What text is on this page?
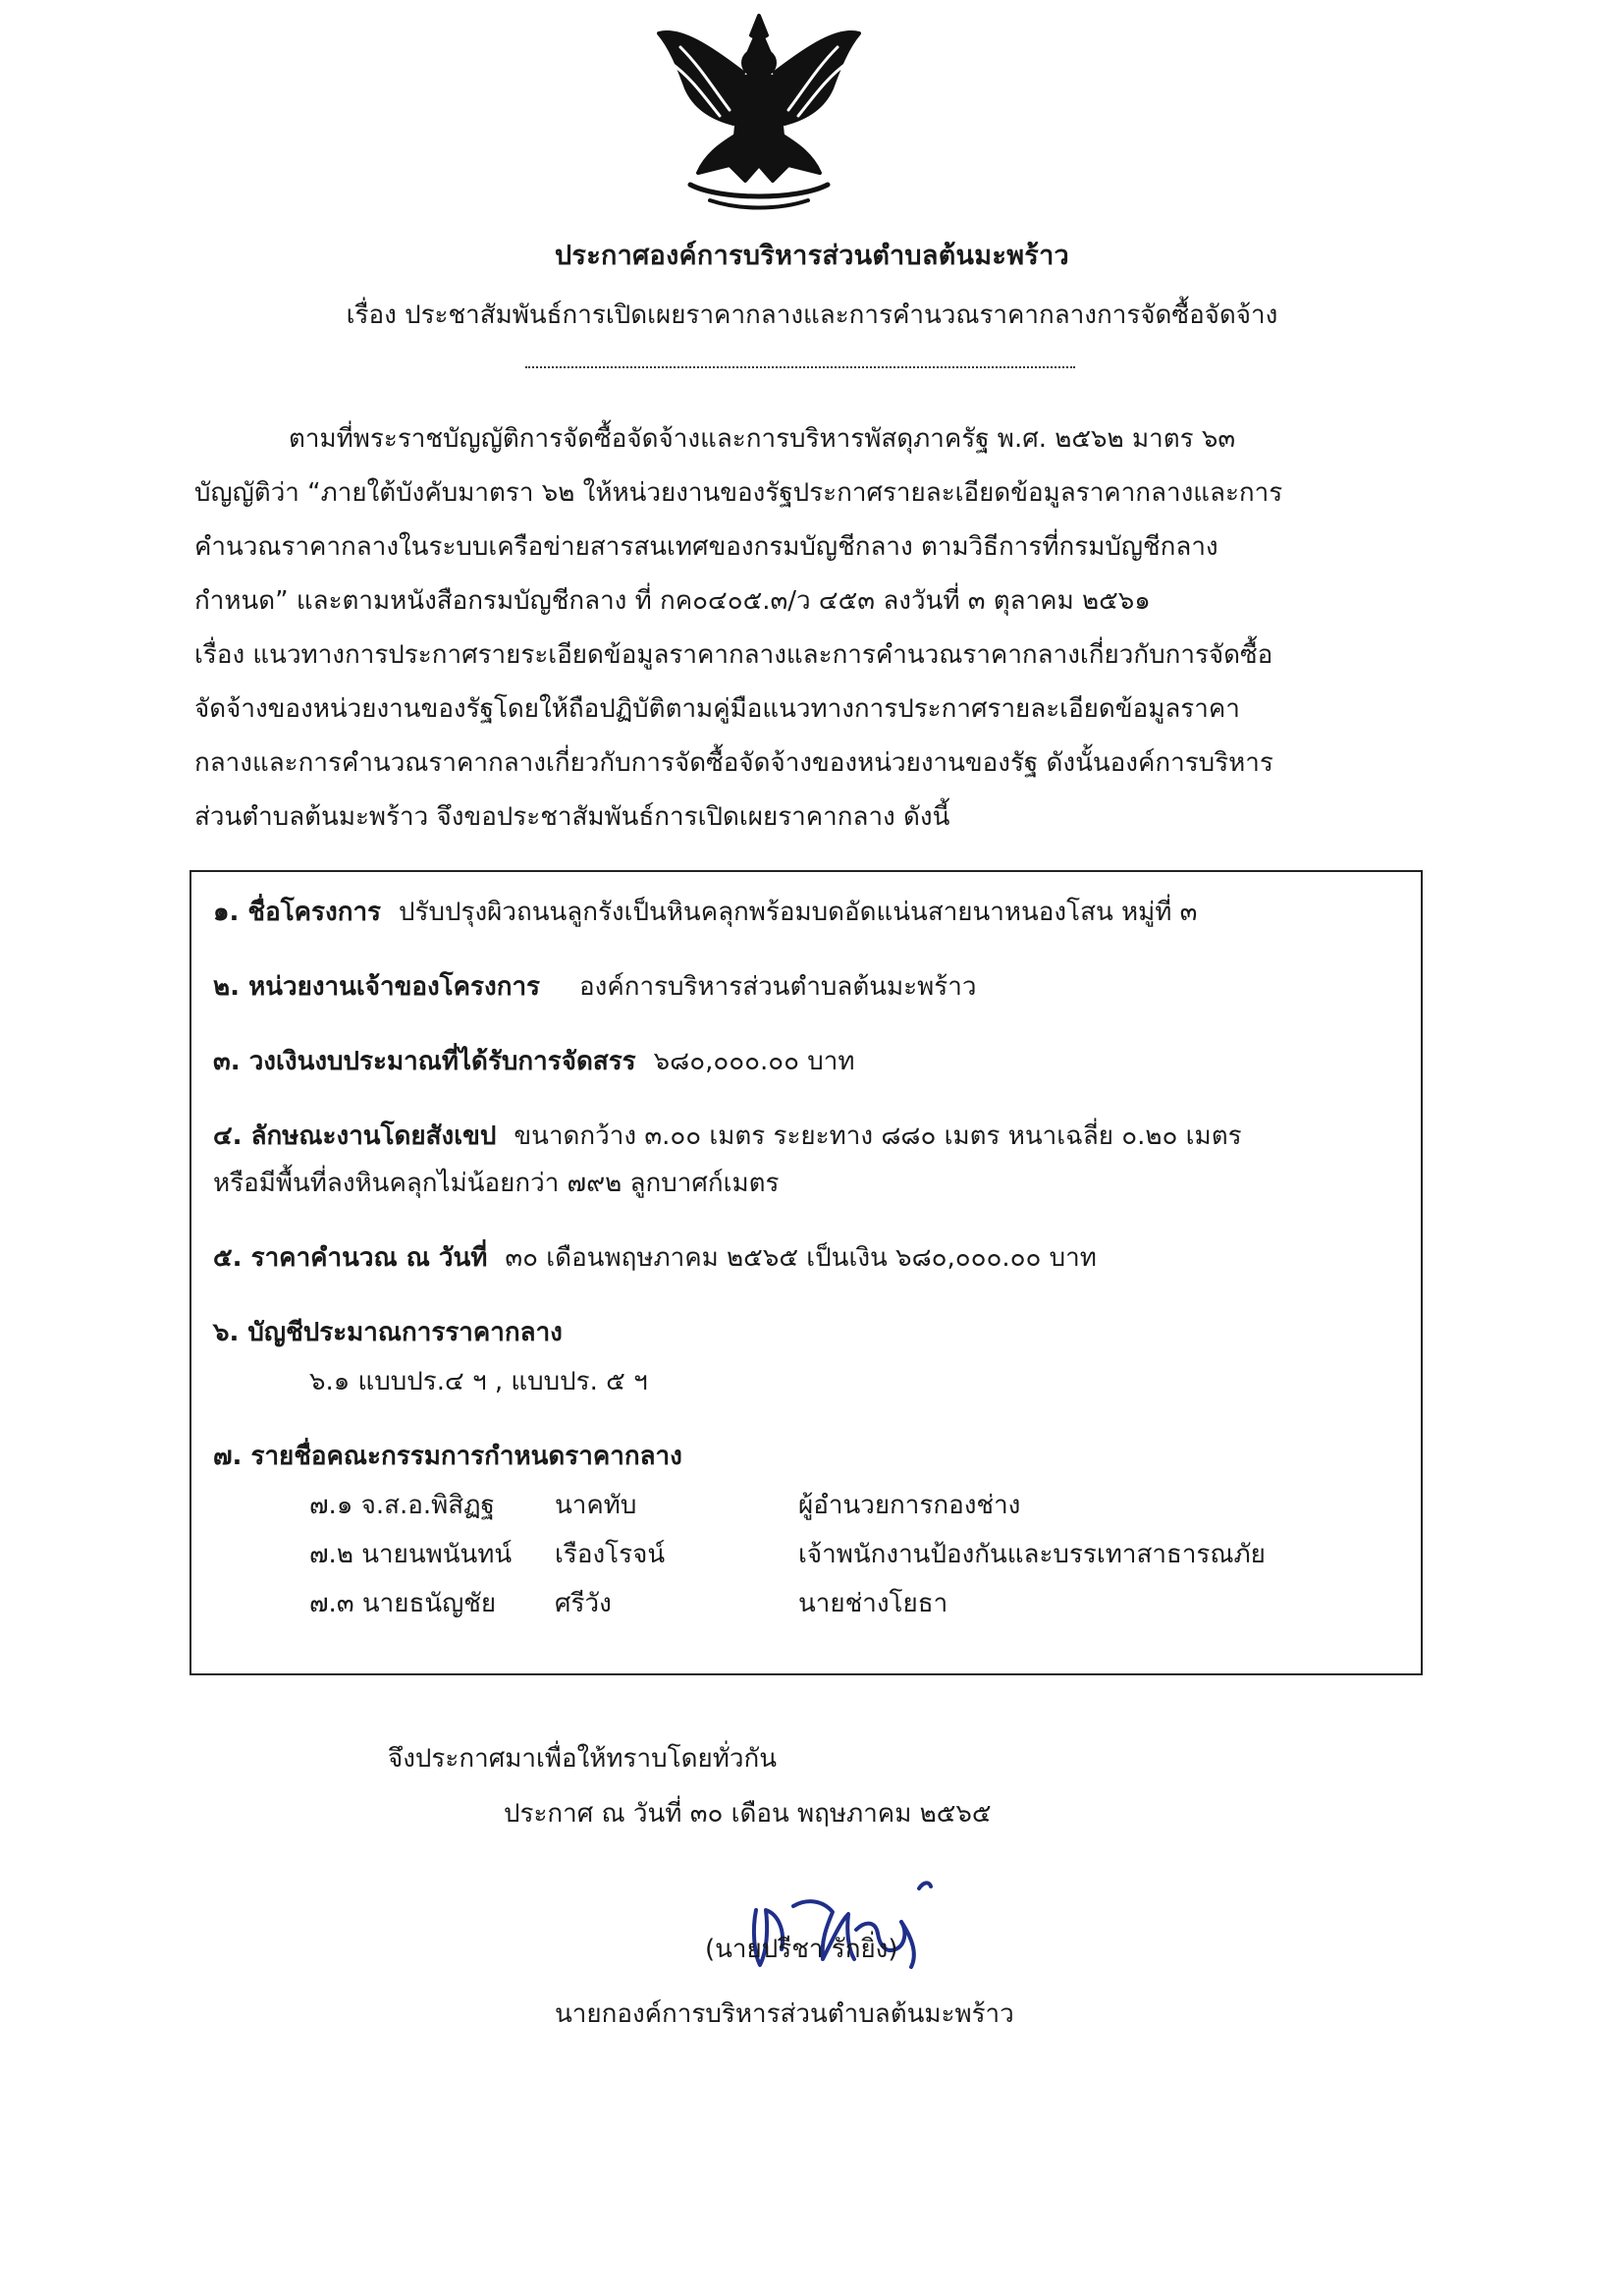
ประกาศองค์การบริหารส่วนตำบลต้นมะพร้าว
เรื่อง ประชาสัมพันธ์การเปิดเผยราคากลางและการคำนวณราคากลางการจัดซื้อจัดจ้าง
ตามที่พระราชบัญญัติการจัดซื้อจัดจ้างและการบริหารพัสดุภาครัฐ พ.ศ. ๒๕๖๒ มาตร ๖๓
บัญญัติว่า “ภายใต้บังคับมาตรา ๖๒ ให้หน่วยงานของรัฐประกาศรายละเอียดข้อมูลราคากลางและการ
คำนวณราคากลางในระบบเครือข่ายสารสนเทศของกรมบัญชีกลาง ตามวิธีการที่กรมบัญชีกลาง
กำหนด” และตามหนังสือกรมบัญชีกลาง ที่ กค๐๔๐๕.๓/ว ๔๕๓ ลงวันที่ ๓ ตุลาคม ๒๕๖๑
เรื่อง แนวทางการประกาศรายระเอียดข้อมูลราคากลางและการคำนวณราคากลางเกี่ยวกับการจัดซื้อ
จัดจ้างของหน่วยงานของรัฐโดยให้ถือปฏิบัติตามคู่มือแนวทางการประกาศรายละเอียดข้อมูลราคา
กลางและการคำนวณราคากลางเกี่ยวกับการจัดซื้อจัดจ้างของหน่วยงานของรัฐ ดังนั้นองค์การบริหาร
ส่วนตำบลต้นมะพร้าว จึงขอประชาสัมพันธ์การเปิดเผยราคากลาง ดังนี้
๑. ชื่อโครงการ ปรับปรุงผิวถนนลูกรังเป็นหินคลุกพร้อมบดอัดแน่นสายนาหนองโสน หมู่ที่ ๓
๒. หน่วยงานเจ้าของโครงการ องค์การบริหารส่วนตำบลต้นมะพร้าว
๓. วงเงินงบประมาณที่ได้รับการจัดสรร ๖๘๐,๐๐๐.๐๐ บาท
๔. ลักษณะงานโดยสังเขป ขนาดกว้าง ๓.๐๐ เมตร ระยะทาง ๘๘๐ เมตร หนาเฉลี่ย ๐.๒๐ เมตร
หรือมีพื้นที่ลงหินคลุกไม่น้อยกว่า ๗๙๒ ลูกบาศก์เมตร
๕. ราคาคำนวณ ณ วันที่ ๓๐ เดือนพฤษภาคม ๒๕๖๕ เป็นเงิน ๖๘๐,๐๐๐.๐๐ บาท
๖. บัญชีประมาณการราคากลาง
๖.๑ แบบปร.๔ ฯ , แบบปร. ๕ ฯ
๗. รายชื่อคณะกรรมการกำหนดราคากลาง
๗.๑ จ.ส.อ.พิสิฏฐ นาคทับ	ผู้อำนวยการกองช่าง
๗.๒ นายนพนันทน์ เรืองโรจน์	เจ้าพนักงานป้องกันและบรรเทาสาธารณภัย
๗.๓ นายธนัญชัย ศรีวัง	นายช่างโยธา
จึงประกาศมาเพื่อให้ทราบโดยทั่วกัน
ประกาศ ณ วันที่ ๓๐ เดือน พฤษภาคม ๒๕๖๕
(นายปรีชา รักยิ่ง)
นายกองค์การบริหารส่วนตำบลต้นมะพร้าว
